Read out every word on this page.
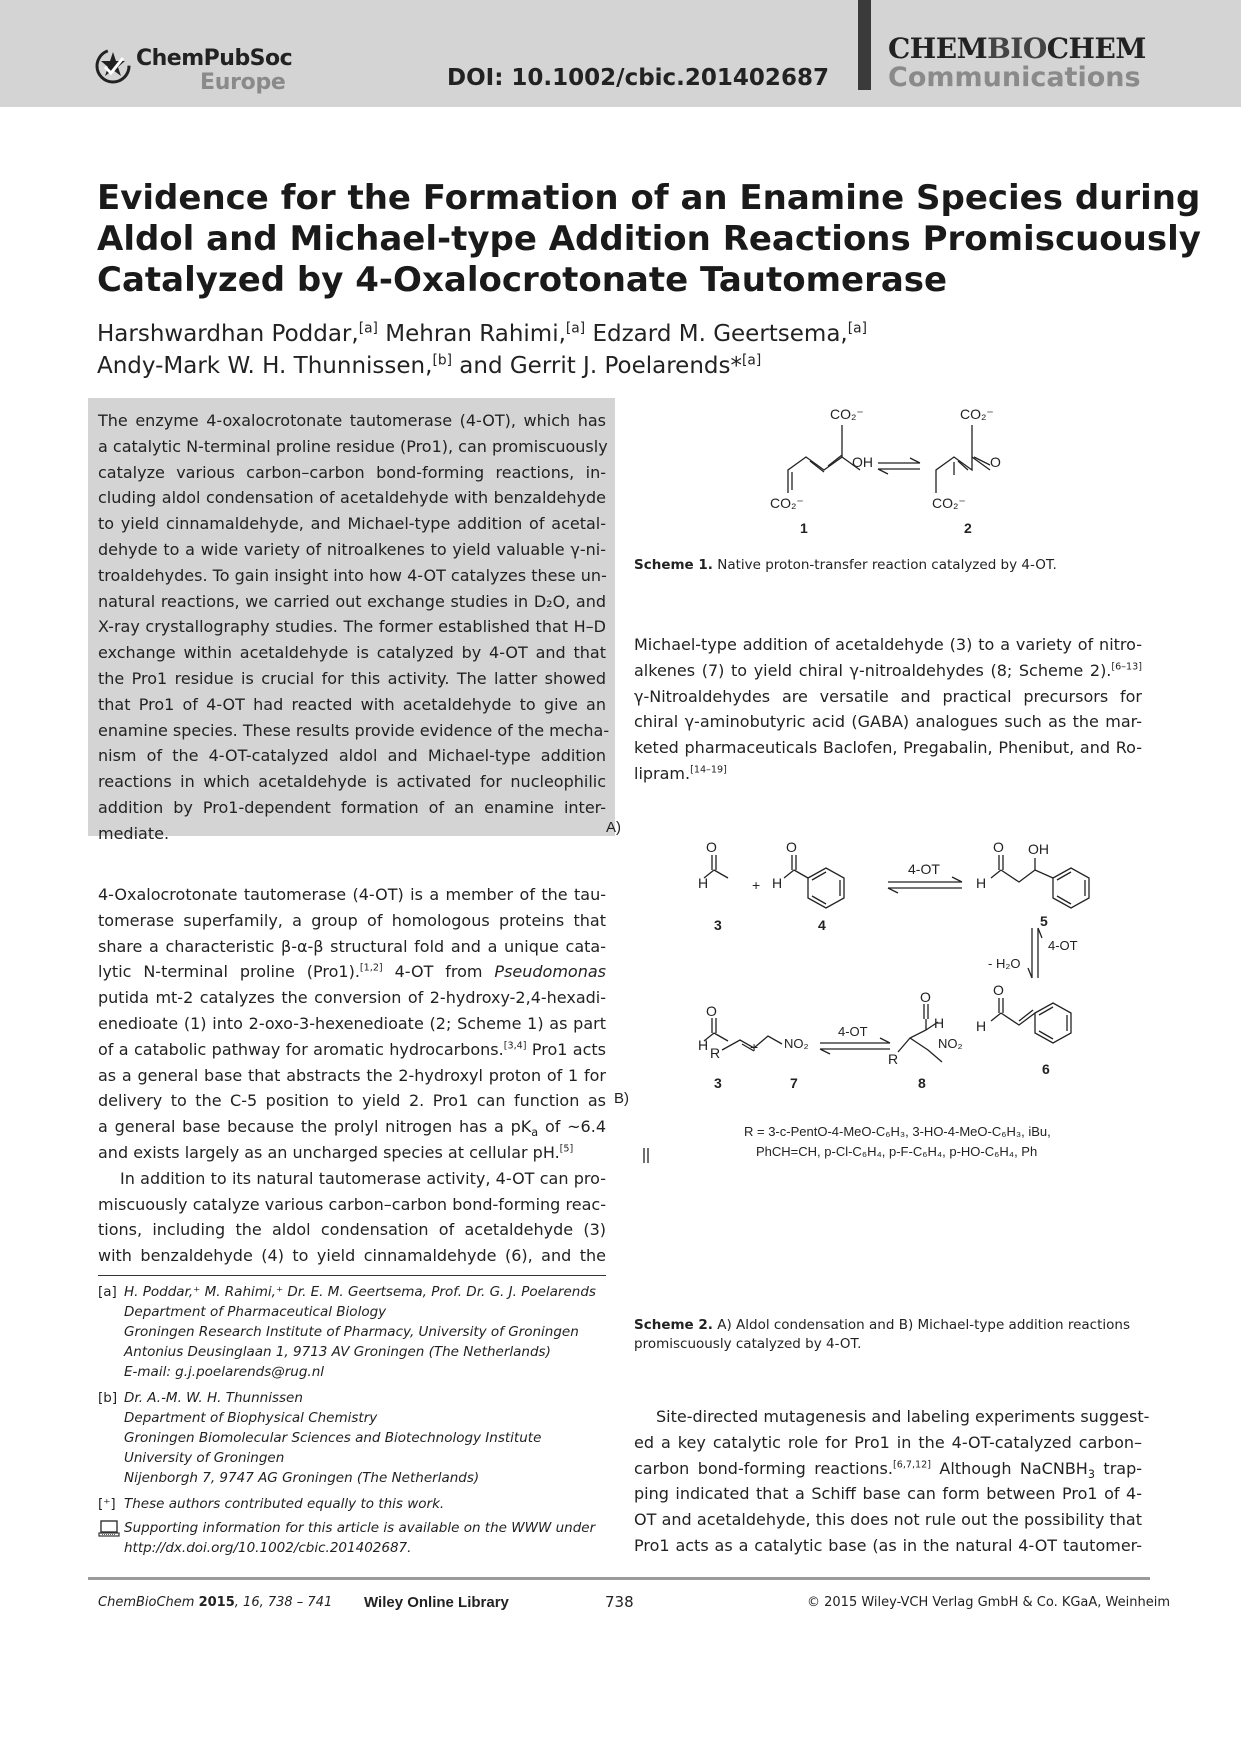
ChemPubSoc
Europe	DOI: 10.1002/cbic.201402687
CHEMBIOCHEM
Communications
Evidence for the Formation of an Enamine Species during
Aldol and Michael-type Addition Reactions Promiscuously
Catalyzed by 4-Oxalocrotonate Tautomerase
Harshwardhan Poddar,[a] Mehran Rahimi,[a] Edzard M. Geertsema,[a]
Andy-Mark W. H. Thunnissen,[b] and Gerrit J. Poelarends*[a]
The enzyme 4-oxalocrotonate tautomerase (4-OT), which has
a catalytic N-terminal proline residue (Pro1), can promiscuously
catalyze various carbon–carbon bond-forming reactions, in-
cluding aldol condensation of acetaldehyde with benzaldehyde
to yield cinnamaldehyde, and Michael-type addition of acetal-
dehyde to a wide variety of nitroalkenes to yield valuable γ-ni-
troaldehydes. To gain insight into how 4-OT catalyzes these un-
natural reactions, we carried out exchange studies in D₂O, and
X-ray crystallography studies. The former established that H–D
exchange within acetaldehyde is catalyzed by 4-OT and that
the Pro1 residue is crucial for this activity. The latter showed
that Pro1 of 4-OT had reacted with acetaldehyde to give an
enamine species. These results provide evidence of the mecha-
nism of the 4-OT-catalyzed aldol and Michael-type addition
reactions in which acetaldehyde is activated for nucleophilic
addition by Pro1-dependent formation of an enamine inter-
mediate.
4-Oxalocrotonate tautomerase (4-OT) is a member of the tau-
tomerase superfamily, a group of homologous proteins that
share a characteristic β-α-β structural fold and a unique cata-
lytic N-terminal proline (Pro1).[1,2] 4-OT from Pseudomonas
putida mt-2 catalyzes the conversion of 2-hydroxy-2,4-hexadi-
enedioate (1) into 2-oxo-3-hexenedioate (2; Scheme 1) as part
of a catabolic pathway for aromatic hydrocarbons.[3,4] Pro1 acts
as a general base that abstracts the 2-hydroxyl proton of 1 for
delivery to the C-5 position to yield 2. Pro1 can function as
a general base because the prolyl nitrogen has a $pK_a$ of ~6.4
and exists largely as an uncharged species at cellular pH.[5]
In addition to its natural tautomerase activity, 4-OT can pro-
miscuously catalyze various carbon–carbon bond-forming reac-
tions, including the aldol condensation of acetaldehyde (3)
with benzaldehyde (4) to yield cinnamaldehyde (6), and the
[a] H. Poddar,⁺ M. Rahimi,⁺ Dr. E. M. Geertsema, Prof. Dr. G. J. Poelarends
Department of Pharmaceutical Biology
Groningen Research Institute of Pharmacy, University of Groningen
Antonius Deusinglaan 1, 9713 AV Groningen (The Netherlands)
E-mail: g.j.poelarends@rug.nl
[b] Dr. A.-M. W. H. Thunnissen
Department of Biophysical Chemistry
Groningen Biomolecular Sciences and Biotechnology Institute
University of Groningen
Nijenborgh 7, 9747 AG Groningen (The Netherlands)
[⁺] These authors contributed equally to this work.
Supporting information for this article is available on the WWW under
http://dx.doi.org/10.1002/cbic.201402687.
CO₂⁻
OH
CO₂⁻
CO₂⁻
O
CO₂⁻
1	2
Scheme 1. Native proton-transfer reaction catalyzed by 4-OT.
Michael-type addition of acetaldehyde (3) to a variety of nitro-
alkenes (7) to yield chiral γ-nitroaldehydes (8; Scheme 2).[6–13]
γ-Nitroaldehydes are versatile and practical precursors for
chiral γ-aminobutyric acid (GABA) analogues such as the mar-
keted pharmaceuticals Baclofen, Pregabalin, Phenibut, and Ro-
lipram.[14–19]
A)
O
H	+
O
H
4-OT
O OH
H
- H₂O
4-OT
O
H
B)
O
H	+
R
NO₂
4-OT
O
H
R
NO₂
3	4	5
6
3	7	8
R = 3-c-PentO-4-MeO-C₆H₃, 3-HO-4-MeO-C₆H₃, iBu,
PhCH=CH, p-Cl-C₆H₄, p-F-C₆H₄, p-HO-C₆H₄, Ph
Scheme 2. A) Aldol condensation and B) Michael-type addition reactions
promiscuously catalyzed by 4-OT.
Site-directed mutagenesis and labeling experiments suggest-
ed a key catalytic role for Pro1 in the 4-OT-catalyzed carbon–
carbon bond-forming reactions.[6,7,12] Although NaCNBH$_3$ trap-
ping indicated that a Schiff base can form between Pro1 of 4-
OT and acetaldehyde, this does not rule out the possibility that
Pro1 acts as a catalytic base (as in the natural 4-OT tautomer-
ChemBioChem 2015, 16, 738 – 741 Wiley Online Library	738	© 2015 Wiley-VCH Verlag GmbH & Co. KGaA, Weinheim
